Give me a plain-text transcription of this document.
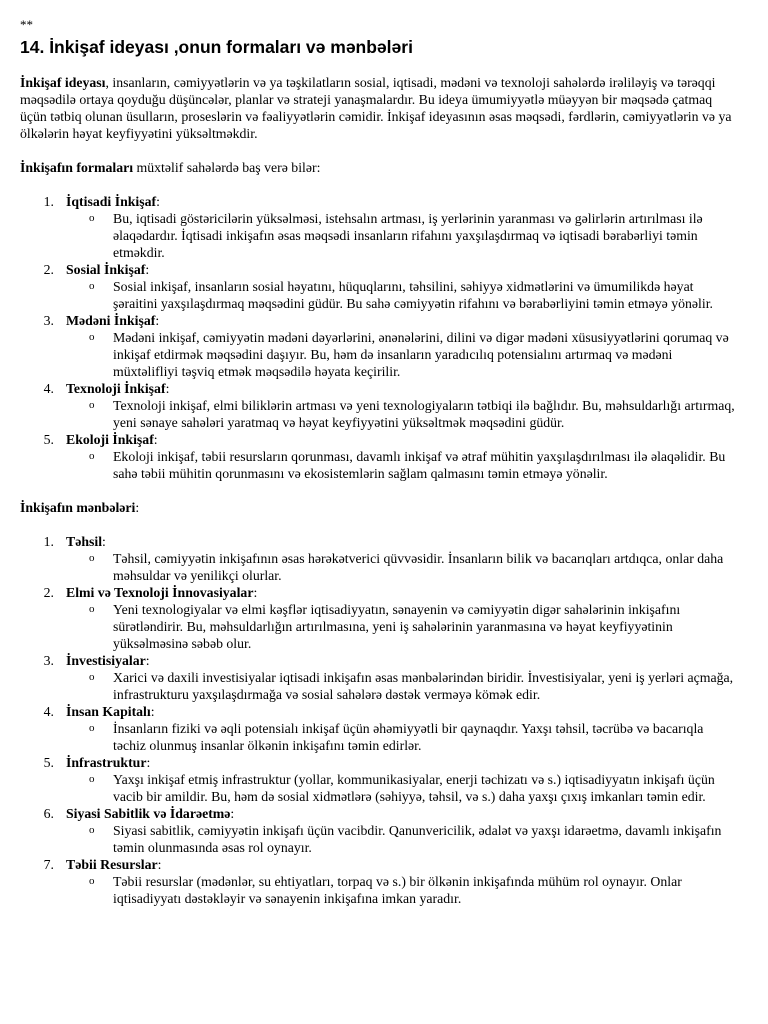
**
14. İnkişaf ideyası ,onun formaları və mənbələri

İnkişaf ideyası, insanların, cəmiyyətlərin və ya təşkilatların sosial, iqtisadi, mədəni və texnoloji sahələrdə irəliləyiş və tərəqqi məqsədilə ortaya qoyduğu düşüncələr, planlar və strateji yanaşmalardır. Bu ideya ümumiyyətlə müəyyən bir məqsədə çatmaq üçün tətbiq olunan üsulların, proseslərin və fəaliyyətlərin cəmidir. İnkişaf ideyasının əsas məqsədi, fərdlərin, cəmiyyətlərin və ya ölkələrin həyat keyfiyyətini yüksəltməkdir.

İnkişafın formaları müxtəlif sahələrdə baş verə bilər:

1. İqtisadi İnkişaf:
o Bu, iqtisadi göstəricilərin yüksəlməsi, istehsalın artması, iş yerlərinin yaranması və gəlirlərin artırılması ilə əlaqədardır. İqtisadi inkişafın əsas məqsədi insanların rifahını yaxşılaşdırmaq və iqtisadi bərabərliyi təmin etməkdir.
2. Sosial İnkişaf:
o Sosial inkişaf, insanların sosial həyatını, hüquqlarını, təhsilini, səhiyyə xidmətlərini və ümumilikdə həyat şəraitini yaxşılaşdırmaq məqsədini güdür. Bu sahə cəmiyyətin rifahını və bərabərliyini təmin etməyə yönəlir.
3. Mədəni İnkişaf:
o Mədəni inkişaf, cəmiyyətin mədəni dəyərlərini, ənənələrini, dilini və digər mədəni xüsusiyyətlərini qorumaq və inkişaf etdirmək məqsədini daşıyır. Bu, həm də insanların yaradıcılıq potensialını artırmaq və mədəni müxtəlifliyi təşviq etmək məqsədilə həyata keçirilir.
4. Texnoloji İnkişaf:
o Texnoloji inkişaf, elmi biliklərin artması və yeni texnologiyaların tətbiqi ilə bağlıdır. Bu, məhsuldarlığı artırmaq, yeni sənaye sahələri yaratmaq və həyat keyfiyyətini yüksəltmək məqsədini güdür.
5. Ekoloji İnkişaf:
o Ekoloji inkişaf, təbii resursların qorunması, davamlı inkişaf və ətraf mühitin yaxşılaşdırılması ilə əlaqəlidir. Bu sahə təbii mühitin qorunmasını və ekosistemlərin sağlam qalmasını təmin etməyə yönəlir.

İnkişafın mənbələri:

1. Təhsil:
o Təhsil, cəmiyyətin inkişafının əsas hərəkətverici qüvvəsidir. İnsanların bilik və bacarıqları artdıqca, onlar daha məhsuldar və yenilikçi olurlar.
2. Elmi və Texnoloji İnnovasiyalar:
o Yeni texnologiyalar və elmi kəşflər iqtisadiyyatın, sənayenin və cəmiyyətin digər sahələrinin inkişafını sürətləndirir. Bu, məhsuldarlığın artırılmasına, yeni iş sahələrinin yaranmasına və həyat keyfiyyətinin yüksəlməsinə səbəb olur.
3. İnvestisiyalar:
o Xarici və daxili investisiyalar iqtisadi inkişafın əsas mənbələrindən biridir. İnvestisiyalar, yeni iş yerləri açmağa, infrastrukturu yaxşılaşdırmağa və sosial sahələrə dəstək verməyə kömək edir.
4. İnsan Kapitalı:
o İnsanların fiziki və əqli potensialı inkişaf üçün əhəmiyyətli bir qaynaqdır. Yaxşı təhsil, təcrübə və bacarıqla təchiz olunmuş insanlar ölkənin inkişafını təmin edirlər.
5. İnfrastruktur:
o Yaxşı inkişaf etmiş infrastruktur (yollar, kommunikasiyalar, enerji təchizatı və s.) iqtisadiyyatın inkişafı üçün vacib bir amildir. Bu, həm də sosial xidmətlərə (səhiyyə, təhsil, və s.) daha yaxşı çıxış imkanları təmin edir.
6. Siyasi Sabitlik və İdarəetmə:
o Siyasi sabitlik, cəmiyyətin inkişafı üçün vacibdir. Qanunvericilik, ədalət və yaxşı idarəetmə, davamlı inkişafın təmin olunmasında əsas rol oynayır.
7. Təbii Resurslar:
o Təbii resurslar (mədənlər, su ehtiyatları, torpaq və s.) bir ölkənin inkişafında mühüm rol oynayır. Onlar iqtisadiyyatı dəstəkləyir və sənayenin inkişafına imkan yaradır.
